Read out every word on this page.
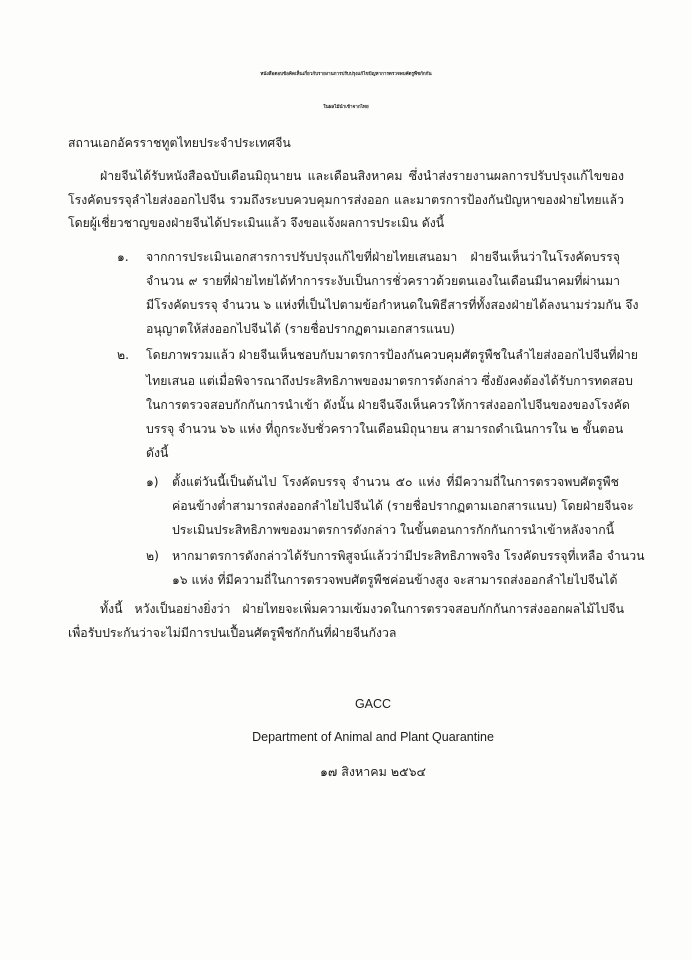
หนังสือตอบข้อคิดเห็นเกี่ยวกับรายงานการปรับปรุงแก้ไขปัญหาการตรวจพบศัตรูพืชกักกัน
ในผลไม้นำเข้าจากไทย
สถานเอกอัครราชทูตไทยประจำประเทศจีน
ฝ่ายจีนได้รับหนังสือฉบับเดือนมิถุนายน และเดือนสิงหาคม ซึ่งนำส่งรายงานผลการปรับปรุงแก้ไขของ
โรงคัดบรรจุลำไยส่งออกไปจีน รวมถึงระบบควบคุมการส่งออก และมาตรการป้องกันปัญหาของฝ่ายไทยแล้ว
โดยผู้เชี่ยวชาญของฝ่ายจีนได้ประเมินแล้ว จึงขอแจ้งผลการประเมิน ดังนี้
๑. จากการประเมินเอกสารการปรับปรุงแก้ไขที่ฝ่ายไทยเสนอมา ฝ่ายจีนเห็นว่าในโรงคัดบรรจุ
จำนวน ๙ รายที่ฝ่ายไทยได้ทำการระงับเป็นการชั่วคราวด้วยตนเองในเดือนมีนาคมที่ผ่านมา
มีโรงคัดบรรจุ จำนวน ๖ แห่งที่เป็นไปตามข้อกำหนดในพิธีสารที่ทั้งสองฝ่ายได้ลงนามร่วมกัน จึง
อนุญาตให้ส่งออกไปจีนได้ (รายชื่อปรากฏตามเอกสารแนบ)
๒. โดยภาพรวมแล้ว ฝ่ายจีนเห็นชอบกับมาตรการป้องกันควบคุมศัตรูพืชในลำไยส่งออกไปจีนที่ฝ่าย
ไทยเสนอ แต่เมื่อพิจารณาถึงประสิทธิภาพของมาตรการดังกล่าว ซึ่งยังคงต้องได้รับการทดสอบ
ในการตรวจสอบกักกันการนำเข้า ดังนั้น ฝ่ายจีนจึงเห็นควรให้การส่งออกไปจีนของของโรงคัด
บรรจุ จำนวน ๖๖ แห่ง ที่ถูกระงับชั่วคราวในเดือนมิถุนายน สามารถดำเนินการใน ๒ ขั้นตอน
ดังนี้
๑) ตั้งแต่วันนี้เป็นต้นไป โรงคัดบรรจุ จำนวน ๕๐ แห่ง ที่มีความถี่ในการตรวจพบศัตรูพืช
ค่อนข้างต่ำสามารถส่งออกลำไยไปจีนได้ (รายชื่อปรากฏตามเอกสารแนบ) โดยฝ่ายจีนจะ
ประเมินประสิทธิภาพของมาตรการดังกล่าว ในขั้นตอนการกักกันการนำเข้าหลังจากนี้
๒) หากมาตรการดังกล่าวได้รับการพิสูจน์แล้วว่ามีประสิทธิภาพจริง โรงคัดบรรจุที่เหลือ จำนวน
๑๖ แห่ง ที่มีความถี่ในการตรวจพบศัตรูพืชค่อนข้างสูง จะสามารถส่งออกลำไยไปจีนได้
ทั้งนี้ หวังเป็นอย่างยิ่งว่า ฝ่ายไทยจะเพิ่มความเข้มงวดในการตรวจสอบกักกันการส่งออกผลไม้ไปจีน
เพื่อรับประกันว่าจะไม่มีการปนเปื้อนศัตรูพืชกักกันที่ฝ่ายจีนกังวล
GACC
Department of Animal and Plant Quarantine
๑๗ สิงหาคม ๒๕๖๔
